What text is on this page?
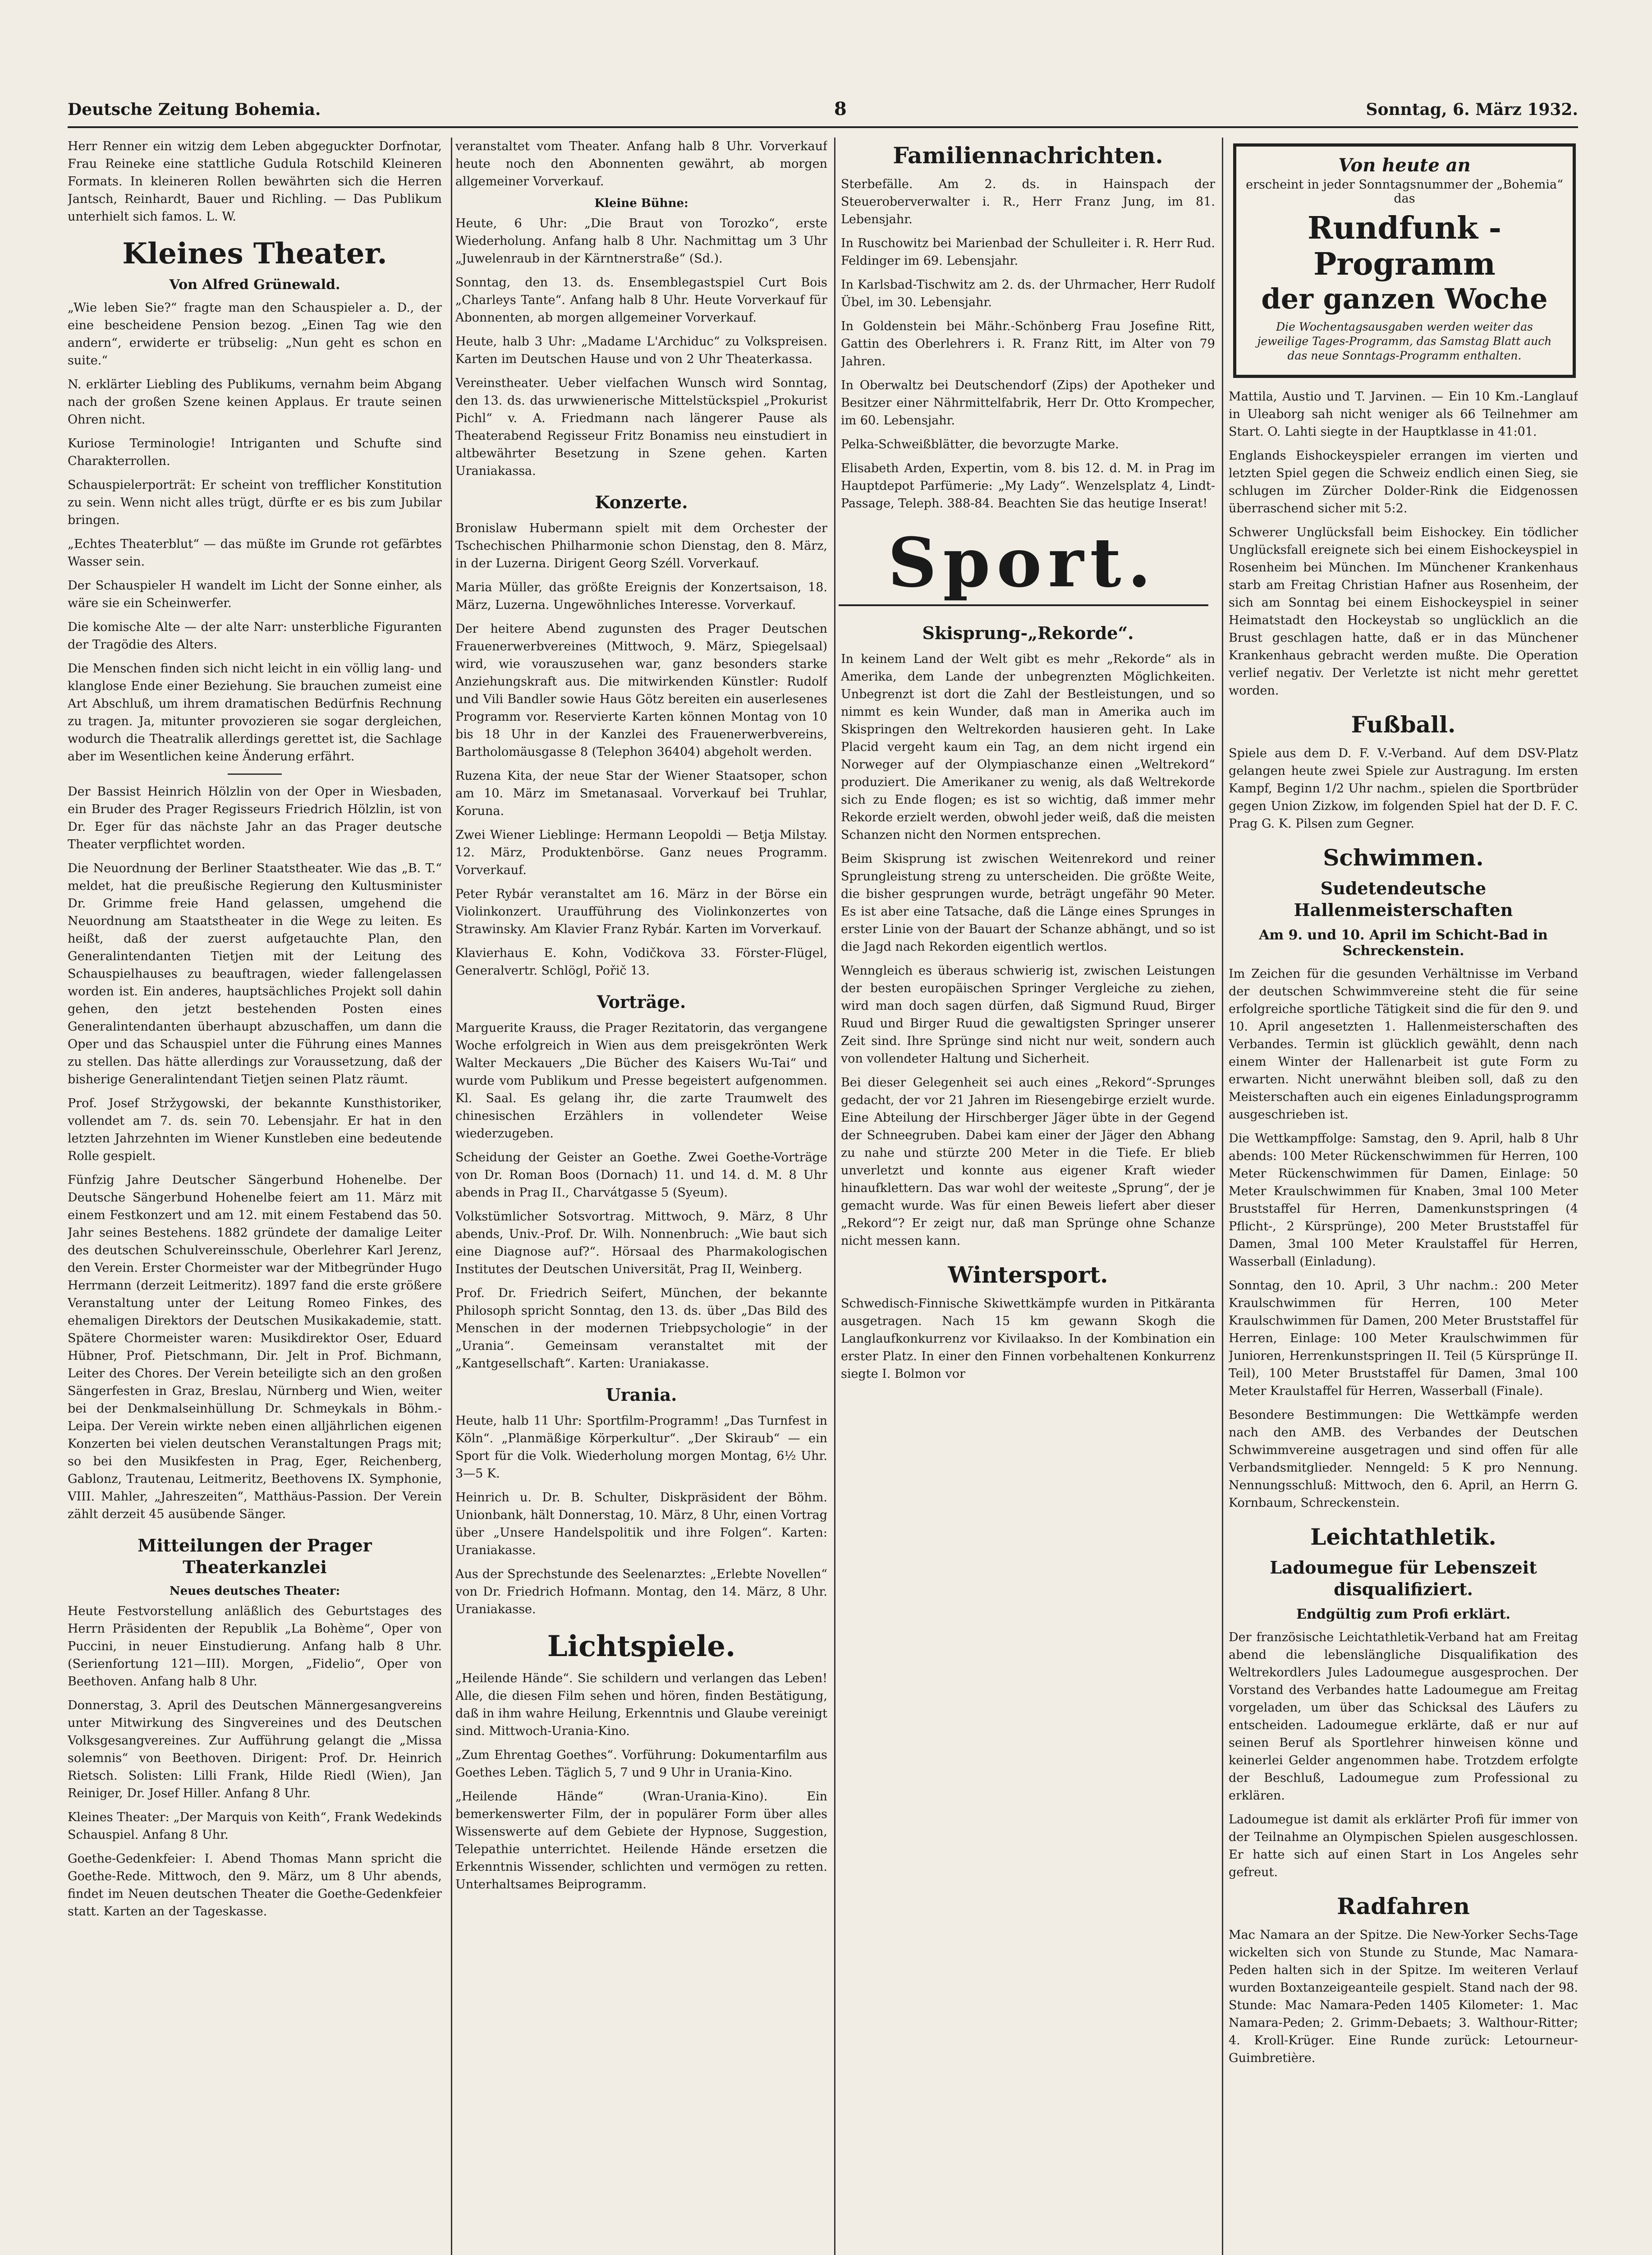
Deutsche Zeitung Bohemia.	8	Sonntag, 6. März 1932.

Herr Renner ein witzig dem Leben abgeguckter Dorfnotar, Frau Reineke eine stattliche Gudula Rotschild Kleineren Formats. In kleineren Rollen bewährten sich die Herren Jantsch, Reinhardt, Bauer und Richling. — Das Publikum unterhielt sich famos. L. W.

Kleines Theater.
Von Alfred Grünewald.

„Wie leben Sie?“ fragte man den Schauspieler a. D., der eine bescheidene Pension bezog. „Einen Tag wie den andern“, erwiderte er trübselig: „Nun geht es schon en suite.“

N. erklärter Liebling des Publikums, vernahm beim Abgang nach der großen Szene keinen Applaus. Er traute seinen Ohren nicht.

Kuriose Terminologie! Intriganten und Schufte sind Charakterrollen.

Schauspielerporträt: Er scheint von trefflicher Konstitution zu sein. Wenn nicht alles trügt, dürfte er es bis zum Jubilar bringen.

„Echtes Theaterblut“ — das müßte im Grunde rot gefärbtes Wasser sein.

Der Schauspieler H wandelt im Licht der Sonne einher, als wäre sie ein Scheinwerfer.

Die komische Alte — der alte Narr: unsterbliche Figuranten der Tragödie des Alters.

Die Menschen finden sich nicht leicht in ein völlig lang- und klanglose Ende einer Beziehung. Sie brauchen zumeist eine Art Abschluß, um ihrem dramatischen Bedürfnis Rechnung zu tragen. Ja, mitunter provozieren sie sogar dergleichen, wodurch die Theatralik allerdings gerettet ist, die Sachlage aber im Wesentlichen keine Änderung erfährt.

Der Bassist Heinrich Hölzlin von der Oper in Wiesbaden, ein Bruder des Prager Regisseurs Friedrich Hölzlin, ist von Dr. Eger für das nächste Jahr an das Prager deutsche Theater verpflichtet worden.

Die Neuordnung der Berliner Staatstheater. Wie das „B. T.“ meldet, hat die preußische Regierung den Kultusminister Dr. Grimme freie Hand gelassen, umgehend die Neuordnung am Staatstheater in die Wege zu leiten. Es heißt, daß der zuerst aufgetauchte Plan, den Generalintendanten Tietjen mit der Leitung des Schauspielhauses zu beauftragen, wieder fallengelassen worden ist. Ein anderes, hauptsächliches Projekt soll dahin gehen, den jetzt bestehenden Posten eines Generalintendanten überhaupt abzuschaffen, um dann die Oper und das Schauspiel unter die Führung eines Mannes zu stellen. Das hätte allerdings zur Voraussetzung, daß der bisherige Generalintendant Tietjen seinen Platz räumt.

Prof. Josef Stržygowski, der bekannte Kunsthistoriker, vollendet am 7. ds. sein 70. Lebensjahr. Er hat in den letzten Jahrzehnten im Wiener Kunstleben eine bedeutende Rolle gespielt.

Fünfzig Jahre Deutscher Sängerbund Hohenelbe. Der Deutsche Sängerbund Hohenelbe feiert am 11. März mit einem Festkonzert und am 12. mit einem Festabend das 50. Jahr seines Bestehens. 1882 gründete der damalige Leiter des deutschen Schulvereinsschule, Oberlehrer Karl Jerenz, den Verein. Erster Chormeister war der Mitbegründer Hugo Herrmann (derzeit Leitmeritz). 1897 fand die erste größere Veranstaltung unter der Leitung Romeo Finkes, des ehemaligen Direktors der Deutschen Musikakademie, statt. Spätere Chormeister waren: Musikdirektor Oser, Eduard Hübner, Prof. Pietschmann, Dir. Jelt in Prof. Bichmann, Leiter des Chores. Der Verein beteiligte sich an den großen Sängerfesten in Graz, Breslau, Nürnberg und Wien, weiter bei der Denkmalseinhüllung Dr. Schmeykals in Böhm.-Leipa. Der Verein wirkte neben einen alljährlichen eigenen Konzerten bei vielen deutschen Veranstaltungen Prags mit; so bei den Musikfesten in Prag, Eger, Reichenberg, Gablonz, Trautenau, Leitmeritz, Beethovens IX. Symphonie, VIII. Mahler, „Jahreszeiten“, Matthäus-Passion. Der Verein zählt derzeit 45 ausübende Sänger.

Mitteilungen der Prager Theaterkanzlei
Neues deutsches Theater:

Heute Festvorstellung anläßlich des Geburtstages des Herrn Präsidenten der Republik „La Bohème“, Oper von Puccini, in neuer Einstudierung. Anfang halb 8 Uhr. (Serienfortung 121—III). Morgen, „Fidelio“, Oper von Beethoven. Anfang halb 8 Uhr.

Donnerstag, 3. April des Deutschen Männergesangvereins unter Mitwirkung des Singvereines und des Deutschen Volksgesangvereines. Zur Aufführung gelangt die „Missa solemnis“ von Beethoven. Dirigent: Prof. Dr. Heinrich Rietsch. Solisten: Lilli Frank, Hilde Riedl (Wien), Jan Reiniger, Dr. Josef Hiller. Anfang 8 Uhr.

Kleines Theater: „Der Marquis von Keith“, Frank Wedekinds Schauspiel. Anfang 8 Uhr.

Goethe-Gedenkfeier: I. Abend Thomas Mann spricht die Goethe-Rede. Mittwoch, den 9. März, um 8 Uhr abends, findet im Neuen deutschen Theater die Goethe-Gedenkfeier statt. Karten an der Tageskasse.

veranstaltet vom Theater. Anfang halb 8 Uhr. Vorverkauf heute noch den Abonnenten gewährt, ab morgen allgemeiner Vorverkauf.

Kleine Bühne:

Heute, 6 Uhr: „Die Braut von Torozko“, erste Wiederholung. Anfang halb 8 Uhr. Nachmittag um 3 Uhr „Juwelenraub in der Kärntnerstraße“ (Sd.).

Sonntag, den 13. ds. Ensemblegastspiel Curt Bois „Charleys Tante“. Anfang halb 8 Uhr. Heute Vorverkauf für Abonnenten, ab morgen allgemeiner Vorverkauf.

Heute, halb 3 Uhr: „Madame L'Archiduc“ zu Volkspreisen. Karten im Deutschen Hause und von 2 Uhr Theaterkassa.

Vereinstheater. Ueber vielfachen Wunsch wird Sonntag, den 13. ds. das urwwienerische Mittelstückspiel „Prokurist Pichl“ v. A. Friedmann nach längerer Pause als Theaterabend Regisseur Fritz Bonamiss neu einstudiert in altbewährter Besetzung in Szene gehen. Karten Uraniakassa.

Konzerte.

Bronislaw Hubermann spielt mit dem Orchester der Tschechischen Philharmonie schon Dienstag, den 8. März, in der Luzerna. Dirigent Georg Széll. Vorverkauf.

Maria Müller, das größte Ereignis der Konzertsaison, 18. März, Luzerna. Ungewöhnliches Interesse. Vorverkauf.

Der heitere Abend zugunsten des Prager Deutschen Frauenerwerbvereines (Mittwoch, 9. März, Spiegelsaal) wird, wie vorauszusehen war, ganz besonders starke Anziehungskraft aus. Die mitwirkenden Künstler: Rudolf und Vili Bandler sowie Haus Götz bereiten ein auserlesenes Programm vor. Reservierte Karten können Montag von 10 bis 18 Uhr in der Kanzlei des Frauenerwerbvereins, Bartholomäusgasse 8 (Telephon 36404) abgeholt werden.

Ruzena Kita, der neue Star der Wiener Staatsoper, schon am 10. März im Smetanasaal. Vorverkauf bei Truhlar, Koruna.

Zwei Wiener Lieblinge: Hermann Leopoldi — Betja Milstay. 12. März, Produktenbörse. Ganz neues Programm. Vorverkauf.

Peter Rybár veranstaltet am 16. März in der Börse ein Violinkonzert. Uraufführung des Violinkonzertes von Strawinsky. Am Klavier Franz Rybár. Karten im Vorverkauf.

Klavierhaus E. Kohn, Vodičkova 33. Förster-Flügel, Generalvertr. Schlögl, Pořič 13.

Vorträge.

Marguerite Krauss, die Prager Rezitatorin, das vergangene Woche erfolgreich in Wien aus dem preisgekrönten Werk Walter Meckauers „Die Bücher des Kaisers Wu-Tai“ und wurde vom Publikum und Presse begeistert aufgenommen. Kl. Saal. Es gelang ihr, die zarte Traumwelt des chinesischen Erzählers in vollendeter Weise wiederzugeben.

Scheidung der Geister an Goethe. Zwei Goethe-Vorträge von Dr. Roman Boos (Dornach) 11. und 14. d. M. 8 Uhr abends in Prag II., Charvátgasse 5 (Syeum).

Volkstümlicher Sotsvortrag. Mittwoch, 9. März, 8 Uhr abends, Univ.-Prof. Dr. Wilh. Nonnenbruch: „Wie baut sich eine Diagnose auf?“. Hörsaal des Pharmakologischen Institutes der Deutschen Universität, Prag II, Weinberg.

Prof. Dr. Friedrich Seifert, München, der bekannte Philosoph spricht Sonntag, den 13. ds. über „Das Bild des Menschen in der modernen Triebpsychologie“ in der „Urania“. Gemeinsam veranstaltet mit der „Kantgesellschaft“. Karten: Uraniakasse.

Urania.

Heute, halb 11 Uhr: Sportfilm-Programm! „Das Turnfest in Köln“. „Planmäßige Körperkultur“. „Der Skiraub“ — ein Sport für die Volk. Wiederholung morgen Montag, 6½ Uhr. 3—5 K.

Heinrich u. Dr. B. Schulter, Diskpräsident der Böhm. Unionbank, hält Donnerstag, 10. März, 8 Uhr, einen Vortrag über „Unsere Handelspolitik und ihre Folgen“. Karten: Uraniakasse.

Aus der Sprechstunde des Seelenarztes: „Erlebte Novellen“ von Dr. Friedrich Hofmann. Montag, den 14. März, 8 Uhr. Uraniakasse.

Lichtspiele.

„Heilende Hände“. Sie schildern und verlangen das Leben! Alle, die diesen Film sehen und hören, finden Bestätigung, daß in ihm wahre Heilung, Erkenntnis und Glaube vereinigt sind. Mittwoch-Urania-Kino.

„Zum Ehrentag Goethes“. Vorführung: Dokumentarfilm aus Goethes Leben. Täglich 5, 7 und 9 Uhr in Urania-Kino.

„Heilende Hände“ (Wran-Urania-Kino). Ein bemerkenswerter Film, der in populärer Form über alles Wissenswerte auf dem Gebiete der Hypnose, Suggestion, Telepathie unterrichtet. Heilende Hände ersetzen die Erkenntnis Wissender, schlichten und vermögen zu retten. Unterhaltsames Beiprogramm.

Familiennachrichten.

Sterbefälle. Am 2. ds. in Hainspach der Steueroberverwalter i. R., Herr Franz Jung, im 81. Lebensjahr.

In Ruschowitz bei Marienbad der Schulleiter i. R. Herr Rud. Feldinger im 69. Lebensjahr.

In Karlsbad-Tischwitz am 2. ds. der Uhrmacher, Herr Rudolf Übel, im 30. Lebensjahr.

In Goldenstein bei Mähr.-Schönberg Frau Josefine Ritt, Gattin des Oberlehrers i. R. Franz Ritt, im Alter von 79 Jahren.

In Oberwaltz bei Deutschendorf (Zips) der Apotheker und Besitzer einer Nährmittelfabrik, Herr Dr. Otto Krompecher, im 60. Lebensjahr.

Pelka-Schweißblätter, die bevorzugte Marke.

Elisabeth Arden, Expertin, vom 8. bis 12. d. M. in Prag im Hauptdepot Parfümerie: „My Lady“. Wenzelsplatz 4, Lindt-Passage, Teleph. 388-84. Beachten Sie das heutige Inserat!

Sport.
Skisprung-„Rekorde“.

In keinem Land der Welt gibt es mehr „Rekorde“ als in Amerika, dem Lande der unbegrenzten Möglichkeiten. Unbegrenzt ist dort die Zahl der Bestleistungen, und so nimmt es kein Wunder, daß man in Amerika auch im Skispringen den Weltrekorden hausieren geht. In Lake Placid vergeht kaum ein Tag, an dem nicht irgend ein Norweger auf der Olympiaschanze einen „Weltrekord“ produziert. Die Amerikaner zu wenig, als daß Weltrekorde sich zu Ende flogen; es ist so wichtig, daß immer mehr Rekorde erzielt werden, obwohl jeder weiß, daß die meisten Schanzen nicht den Normen entsprechen.

Beim Skisprung ist zwischen Weitenrekord und reiner Sprungleistung streng zu unterscheiden. Die größte Weite, die bisher gesprungen wurde, beträgt ungefähr 90 Meter. Es ist aber eine Tatsache, daß die Länge eines Sprunges in erster Linie von der Bauart der Schanze abhängt, und so ist die Jagd nach Rekorden eigentlich wertlos.

Wenngleich es überaus schwierig ist, zwischen Leistungen der besten europäischen Springer Vergleiche zu ziehen, wird man doch sagen dürfen, daß Sigmund Ruud, Birger Ruud und Birger Ruud die gewaltigsten Springer unserer Zeit sind. Ihre Sprünge sind nicht nur weit, sondern auch von vollendeter Haltung und Sicherheit.

Bei dieser Gelegenheit sei auch eines „Rekord“-Sprunges gedacht, der vor 21 Jahren im Riesengebirge erzielt wurde. Eine Abteilung der Hirschberger Jäger übte in der Gegend der Schneegruben. Dabei kam einer der Jäger den Abhang zu nahe und stürzte 200 Meter in die Tiefe. Er blieb unverletzt und konnte aus eigener Kraft wieder hinaufklettern. Das war wohl der weiteste „Sprung“, der je gemacht wurde. Was für einen Beweis liefert aber dieser „Rekord“? Er zeigt nur, daß man Sprünge ohne Schanze nicht messen kann.

Wintersport.

Schwedisch-Finnische Skiwettkämpfe wurden in Pitkäranta ausgetragen. Nach 15 km gewann Skogh die Langlaufkonkurrenz vor Kivilaakso. In der Kombination ein erster Platz. In einer den Finnen vorbehaltenen Konkurrenz siegte I. Bolmon vor

Von heute an
erscheint in jeder Sonntagsnummer der „Bohemia“ das
Rundfunk - Programm
der ganzen Woche
Die Wochentagsausgaben werden weiter das jeweilige Tages-Programm, das Samstag Blatt auch das neue Sonntags-Programm enthalten.

Mattila, Austio und T. Jarvinen. — Ein 10 Km.-Langlauf in Uleaborg sah nicht weniger als 66 Teilnehmer am Start. O. Lahti siegte in der Hauptklasse in 41:01.

Englands Eishockeyspieler errangen im vierten und letzten Spiel gegen die Schweiz endlich einen Sieg, sie schlugen im Zürcher Dolder-Rink die Eidgenossen überraschend sicher mit 5:2.

Schwerer Unglücksfall beim Eishockey. Ein tödlicher Unglücksfall ereignete sich bei einem Eishockeyspiel in Rosenheim bei München. Im Münchener Krankenhaus starb am Freitag Christian Hafner aus Rosenheim, der sich am Sonntag bei einem Eishockeyspiel in seiner Heimatstadt den Hockeystab so unglücklich an die Brust geschlagen hatte, daß er in das Münchener Krankenhaus gebracht werden mußte. Die Operation verlief negativ. Der Verletzte ist nicht mehr gerettet worden.

Fußball.

Spiele aus dem D. F. V.-Verband. Auf dem DSV-Platz gelangen heute zwei Spiele zur Austragung. Im ersten Kampf, Beginn 1/2 Uhr nachm., spielen die Sportbrüder gegen Union Zizkow, im folgenden Spiel hat der D. F. C. Prag G. K. Pilsen zum Gegner.

Schwimmen.
Sudetendeutsche Hallenmeisterschaften
Am 9. und 10. April im Schicht-Bad in Schreckenstein.

Im Zeichen für die gesunden Verhältnisse im Verband der deutschen Schwimmvereine steht die für seine erfolgreiche sportliche Tätigkeit sind die für den 9. und 10. April angesetzten 1. Hallenmeisterschaften des Verbandes. Termin ist glücklich gewählt, denn nach einem Winter der Hallenarbeit ist gute Form zu erwarten. Nicht unerwähnt bleiben soll, daß zu den Meisterschaften auch ein eigenes Einladungsprogramm ausgeschrieben ist.

Die Wettkampffolge: Samstag, den 9. April, halb 8 Uhr abends: 100 Meter Rückenschwimmen für Herren, 100 Meter Rückenschwimmen für Damen, Einlage: 50 Meter Kraulschwimmen für Knaben, 3mal 100 Meter Bruststaffel für Herren, Damenkunstspringen (4 Pflicht-, 2 Kürsprünge), 200 Meter Bruststaffel für Damen, 3mal 100 Meter Kraulstaffel für Herren, Wasserball (Einladung).

Sonntag, den 10. April, 3 Uhr nachm.: 200 Meter Kraulschwimmen für Herren, 100 Meter Kraulschwimmen für Damen, 200 Meter Bruststaffel für Herren, Einlage: 100 Meter Kraulschwimmen für Junioren, Herrenkunstspringen II. Teil (5 Kürsprünge II. Teil), 100 Meter Bruststaffel für Damen, 3mal 100 Meter Kraulstaffel für Herren, Wasserball (Finale).

Besondere Bestimmungen: Die Wettkämpfe werden nach den AMB. des Verbandes der Deutschen Schwimmvereine ausgetragen und sind offen für alle Verbandsmitglieder. Nenngeld: 5 K pro Nennung. Nennungsschluß: Mittwoch, den 6. April, an Herrn G. Kornbaum, Schreckenstein.

Leichtathletik.
Ladoumegue für Lebenszeit disqualifiziert.
Endgültig zum Profi erklärt.

Der französische Leichtathletik-Verband hat am Freitag abend die lebenslängliche Disqualifikation des Weltrekordlers Jules Ladoumegue ausgesprochen. Der Vorstand des Verbandes hatte Ladoumegue am Freitag vorgeladen, um über das Schicksal des Läufers zu entscheiden. Ladoumegue erklärte, daß er nur auf seinen Beruf als Sportlehrer hinweisen könne und keinerlei Gelder angenommen habe. Trotzdem erfolgte der Beschluß, Ladoumegue zum Professional zu erklären.

Ladoumegue ist damit als erklärter Profi für immer von der Teilnahme an Olympischen Spielen ausgeschlossen. Er hatte sich auf einen Start in Los Angeles sehr gefreut.

Radfahren

Mac Namara an der Spitze. Die New-Yorker Sechs-Tage wickelten sich von Stunde zu Stunde, Mac Namara-Peden halten sich in der Spitze. Im weiteren Verlauf wurden Boxtanzeigeanteile gespielt. Stand nach der 98. Stunde: Mac Namara-Peden 1405 Kilometer: 1. Mac Namara-Peden; 2. Grimm-Debaets; 3. Walthour-Ritter; 4. Kroll-Krüger. Eine Runde zurück: Letourneur-Guimbretière.
